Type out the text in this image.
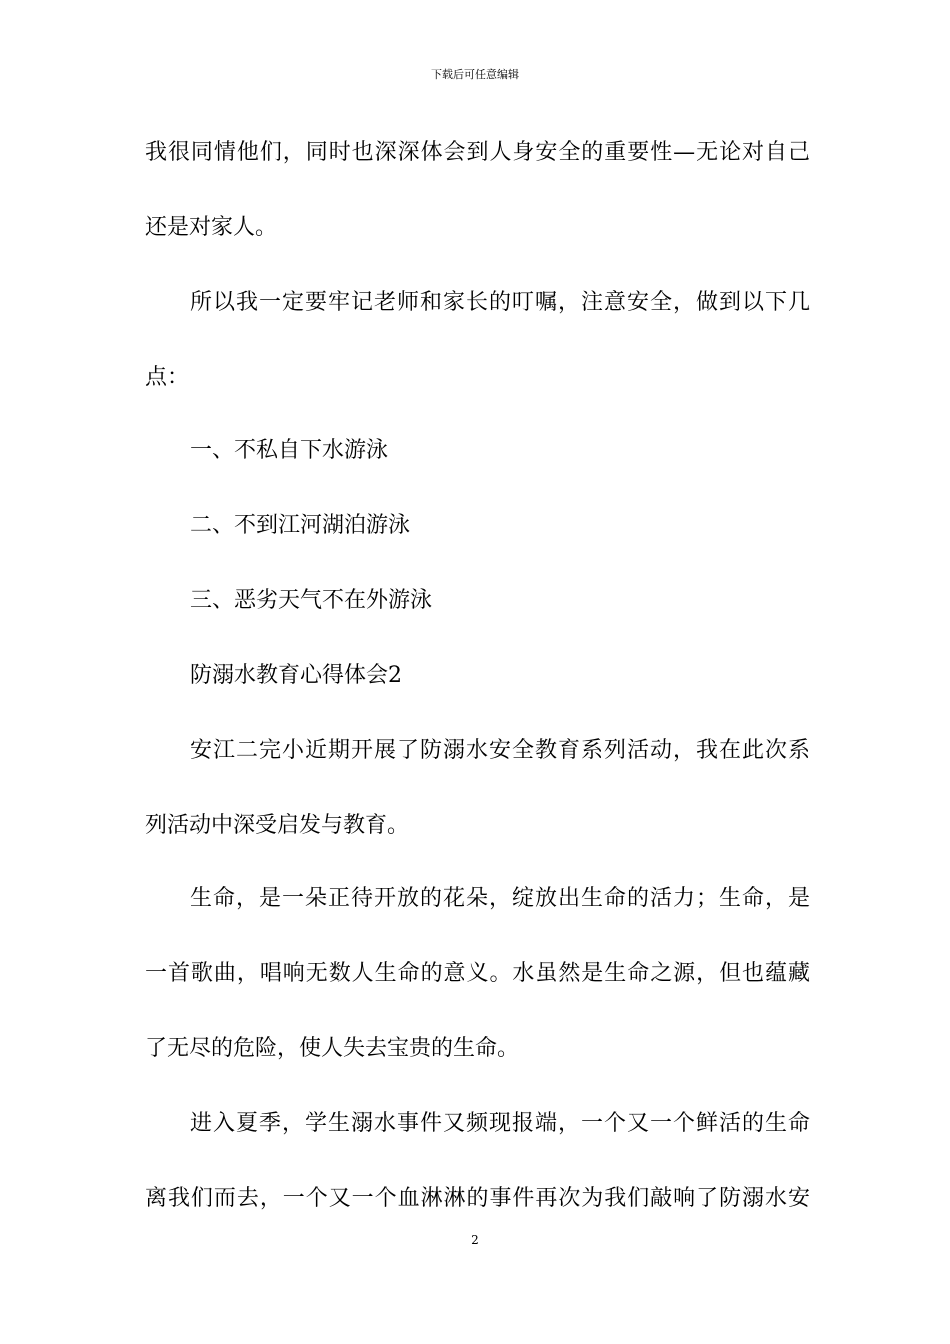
下载后可任意编辑
我很同情他们，同时也深深体会到人身安全的重要性—无论对自己
还是对家人。
所以我一定要牢记老师和家长的叮嘱，注意安全，做到以下几
点：
一、不私自下水游泳
二、不到江河湖泊游泳
三、恶劣天气不在外游泳
防溺水教育心得体会2
安江二完小近期开展了防溺水安全教育系列活动，我在此次系
列活动中深受启发与教育。
生命，是一朵正待开放的花朵，绽放出生命的活力；生命，是
一首歌曲，唱响无数人生命的意义。水虽然是生命之源，但也蕴藏
了无尽的危险，使人失去宝贵的生命。
进入夏季，学生溺水事件又频现报端，一个又一个鲜活的生命
离我们而去，一个又一个血淋淋的事件再次为我们敲响了防溺水安
2
